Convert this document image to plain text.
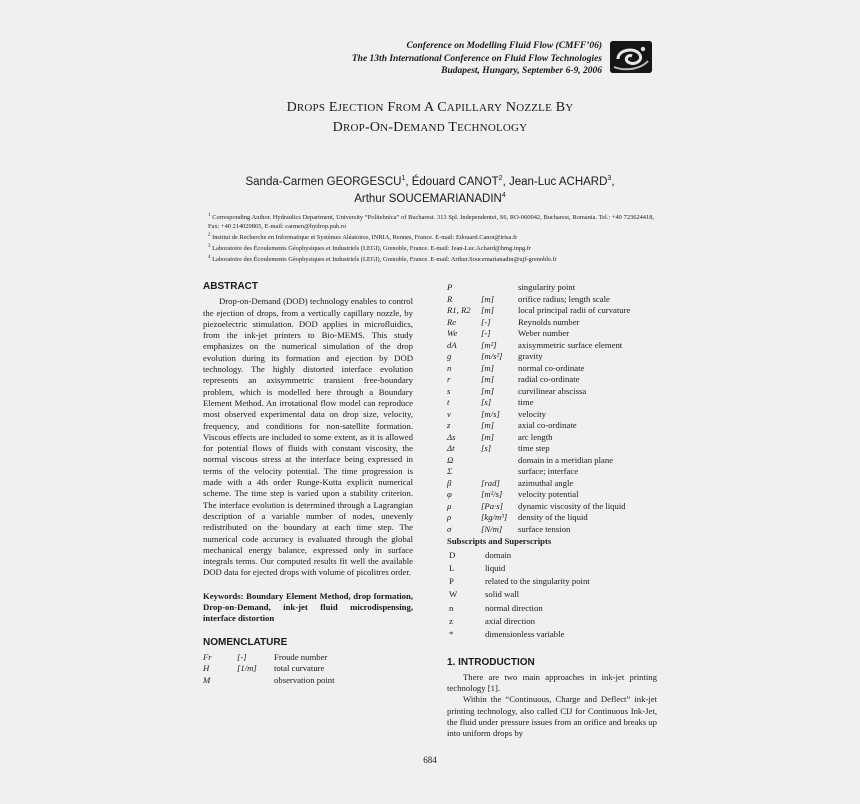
Conference on Modelling Fluid Flow (CMFF’06)
The 13th International Conference on Fluid Flow Technologies
Budapest, Hungary, September 6-9, 2006
DROPS EJECTION FROM A CAPILLARY NOZZLE BY
DROP-ON-DEMAND TECHNOLOGY
Sanda-Carmen GEORGESCU$^1$, Édouard CANOT$^2$, Jean-Luc ACHARD$^3$,
Arthur SOUCEMARIANADIN$^4$
$^1$ Corresponding Author. Hydraulics Department, University “Politehnica” of Bucharest. 313 Spl. Independentei, S6, RO-060042, Bucharest, Romania. Tel.: +40 723624418, Fax: +40 214029865, E-mail: carmen@hydrop.pub.ro
$^2$ Institut de Recherche en Informatique et Systèmes Aléatoires, INRIA, Rennes, France. E-mail: Edouard.Canot@irisa.fr
$^3$ Laboratoire des Écoulements Géophysiques et Industriels (LEGI), Grenoble, France. E-mail: Jean-Luc.Achard@hmg.inpg.fr
$^4$ Laboratoire des Écoulements Géophysiques et Industriels (LEGI), Grenoble, France. E-mail: Arthur.Soucemarianadin@ujf-grenoble.fr
ABSTRACT

Drop-on-Demand (DOD) technology enables to control the ejection of drops, from a vertically capillary nozzle, by piezoelectric stimulation. DOD applies in microfluidics, from the ink-jet printers to Bio-MEMS. This study emphasizes on the numerical simulation of the drop evolution during its formation and ejection by DOD technology. The highly distorted interface evolution represents an axisymmetric transient free-boundary problem, which is modelled here through a Boundary Element Method. An irrotational flow model can reproduce most observed experimental data on drop size, velocity, frequency, and conditions for non-satellite formation. Viscous effects are included to some extent, as it is allowed for potential flows of fluids with constant viscosity, the normal viscous stress at the interface being expressed in terms of the velocity potential. The time progression is made with a 4th order Runge-Kutta explicit numerical scheme. The time step is varied upon a stability criterion. The interface evolution is determined through a Lagrangian description of a variable number of nodes, unevenly redistributed on the boundary at each time step. The numerical code accuracy is evaluated through the global mechanical energy balance, expressed only in surface integrals terms. Our computed results fit well the available DOD data for ejected drops with volume of picolitres order.

Keywords: Boundary Element Method, drop formation, Drop-on-Demand, ink-jet fluid microdispensing, interface distortion
NOMENCLATURE
Fr	[-]	Froude number
H	[1/m]	total curvature
M		observation point
P		singularity point
R	[m]	orifice radius; length scale
R1, R2	[m]	local principal radii of curvature
Re	[-]	Reynolds number
We	[-]	Weber number
dA	[m²]	axisymmetric surface element
g	[m/s²]	gravity
n	[m]	normal co-ordinate
r	[m]	radial co-ordinate
s	[m]	curvilinear abscissa
t	[s]	time
v	[m/s]	velocity
z	[m]	axial co-ordinate
Δs	[m]	arc length
Δt	[s]	time step
Ω		domain in a meridian plane
Σ		surface; interface
β	[rad]	azimuthal angle
φ	[m²/s]	velocity potential
μ	[Pa·s]	dynamic viscosity of the liquid
ρ	[kg/m³]	density of the liquid
σ	[N/m]	surface tension
Subscripts and Superscripts
D	domain
L	liquid
P	related to the singularity point
W	solid wall
n	normal direction
z	axial direction
*	dimensionless variable
1. INTRODUCTION

There are two main approaches in ink-jet printing technology [1].

Within the “Continuous, Charge and Deflect” ink-jet printing technology, also called CIJ for Continuous Ink-Jet, the fluid under pressure issues from an orifice and breaks up into uniform drops by

684
